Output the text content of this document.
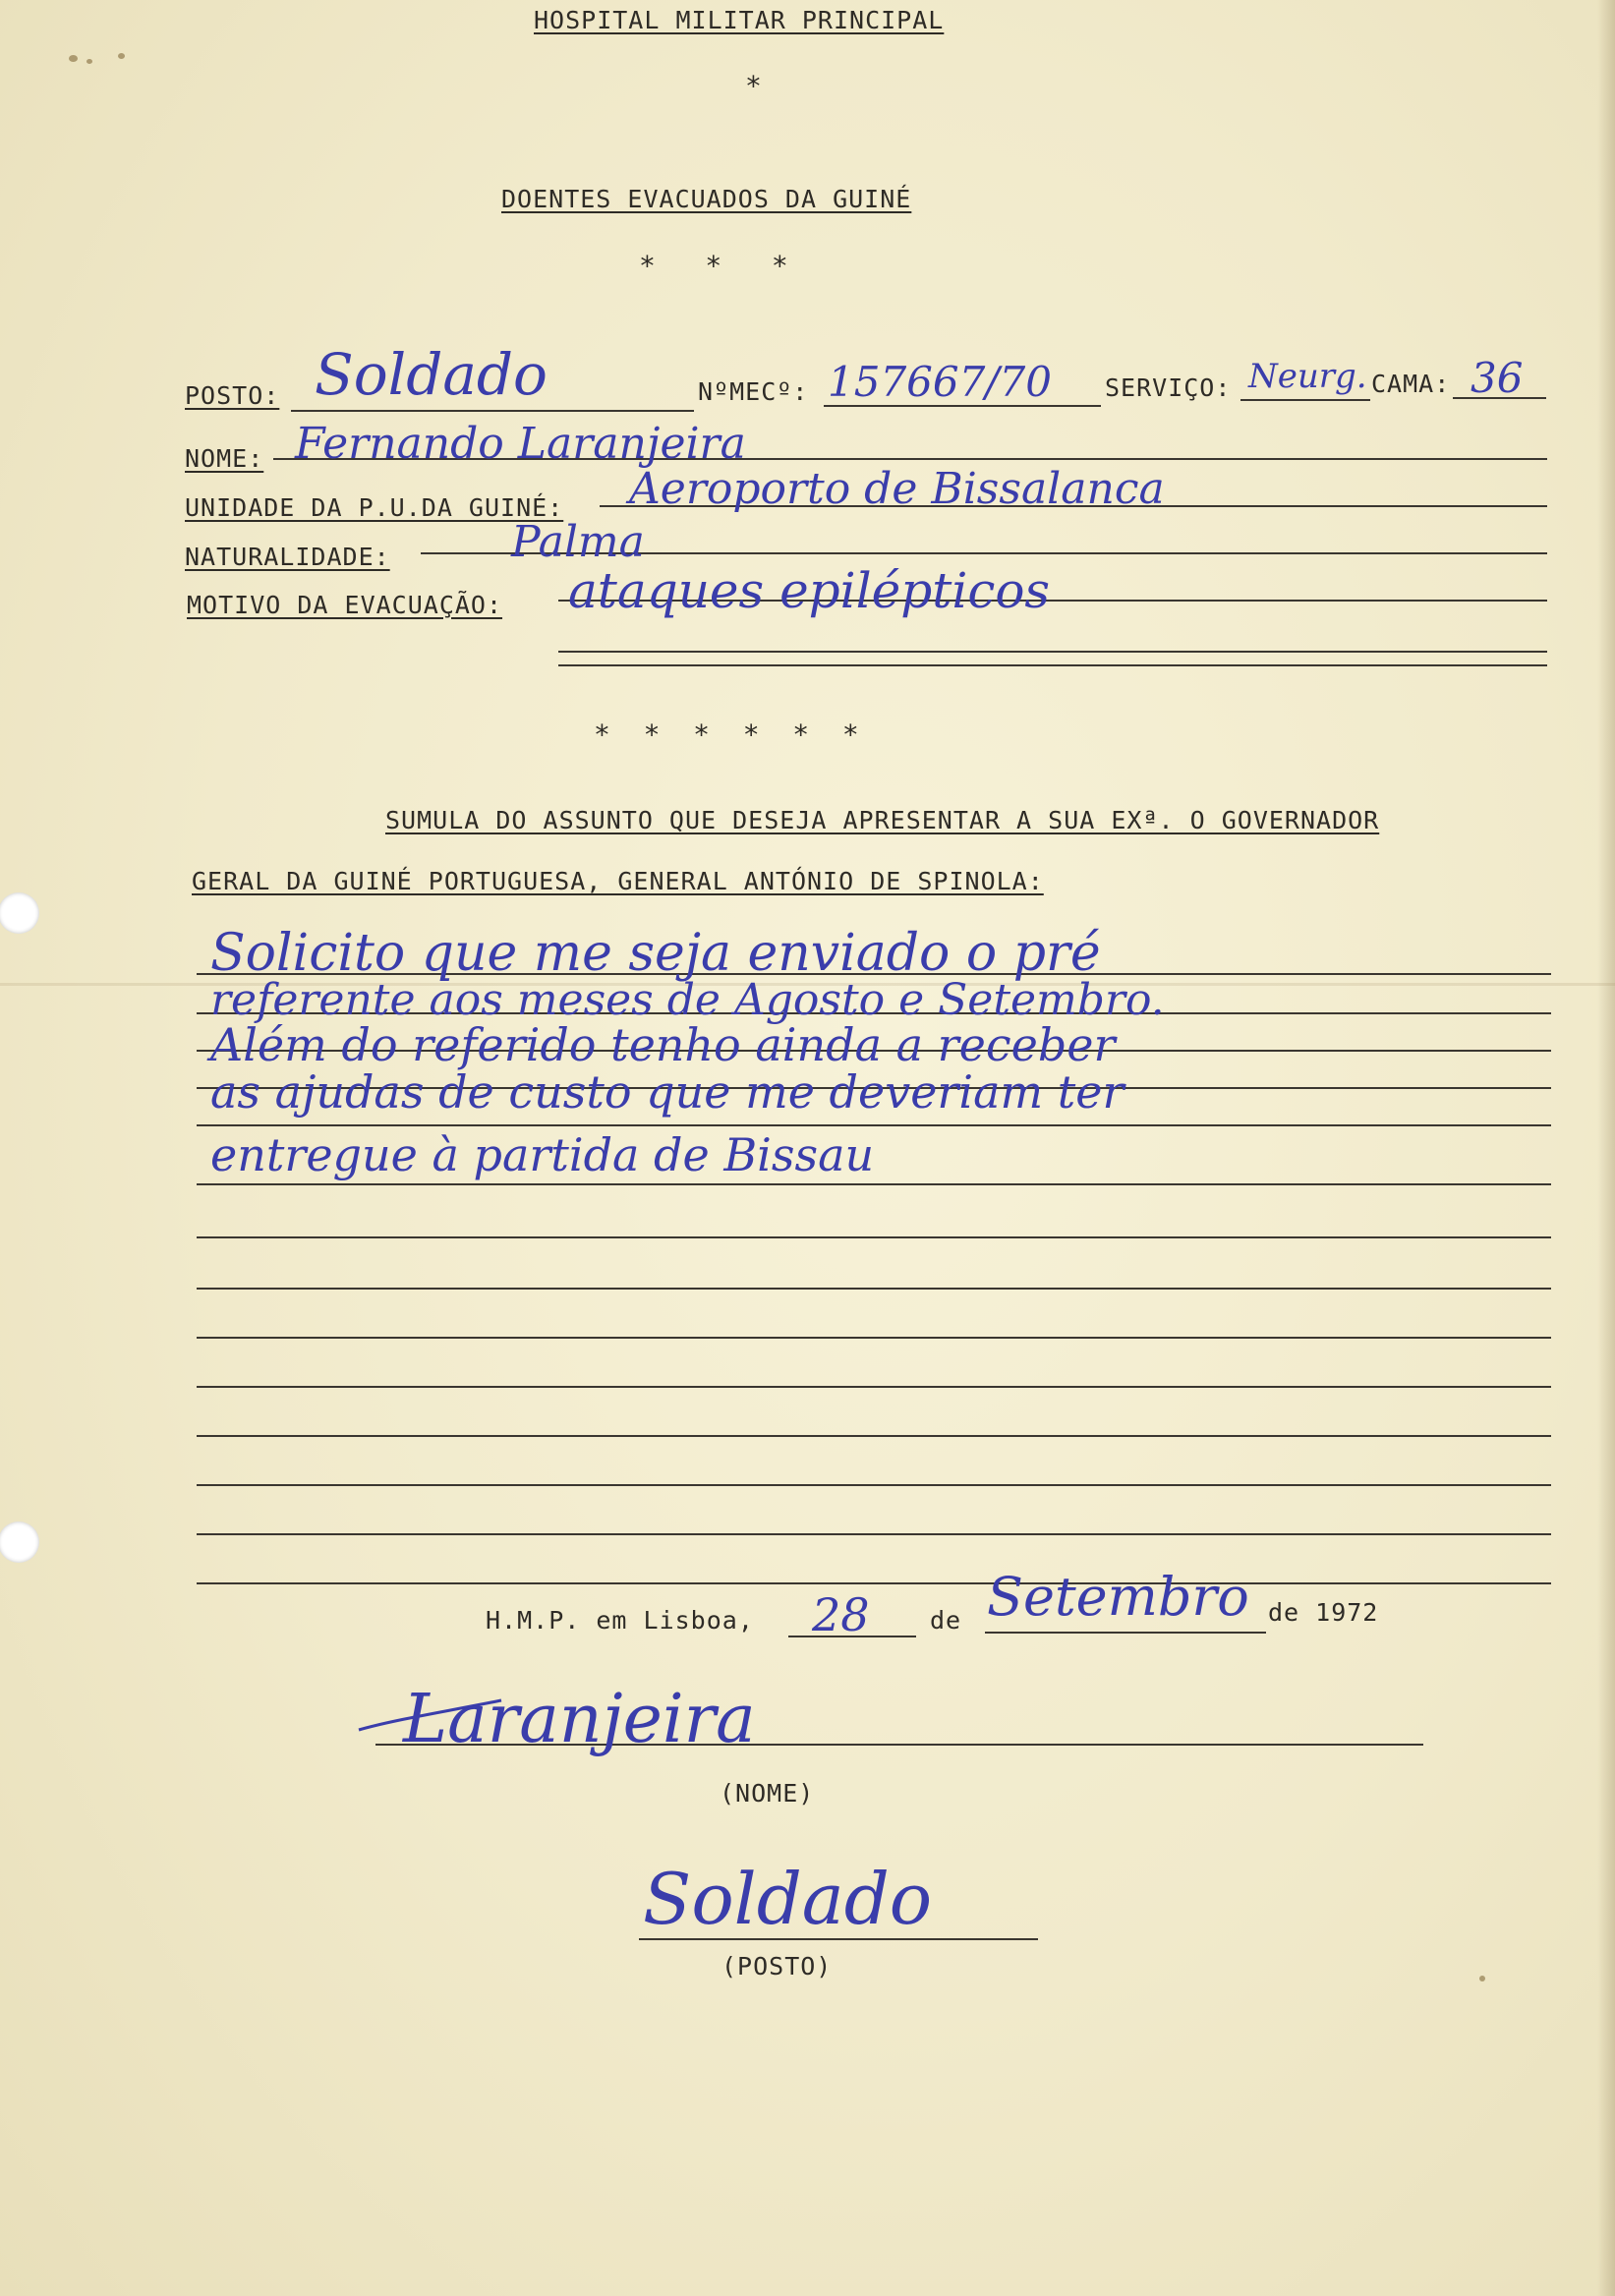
HOSPITAL MILITAR PRINCIPAL
*
DOENTES EVACUADOS DA GUINÉ
*   *   *
POSTO: Soldado	NºMECº: 157667/70 SERVIÇO: Neurg. CAMA: 36
NOME: Fernando Laranjeira
UNIDADE DA P.U.DA GUINÉ: Aeroporto de Bissalanca
NATURALIDADE:	Palma
MOTIVO DA EVACUAÇÃO: ataques epilépticos
*  *  *  *  *  *
SUMULA DO ASSUNTO QUE DESEJA APRESENTAR A SUA EXª. O GOVERNADOR
GERAL DA GUINÉ PORTUGUESA, GENERAL ANTÓNIO DE SPINOLA:
Solicito que me seja enviado o pré
referente aos meses de Agosto e Setembro.
Além do referido tenho ainda a receber
as ajudas de custo que me deveriam ter
entregue à partida de Bissau
H.M.P. em Lisboa, 28 de Setembro de 1972
Laranjeira
(NOME)
Soldado
(POSTO)
